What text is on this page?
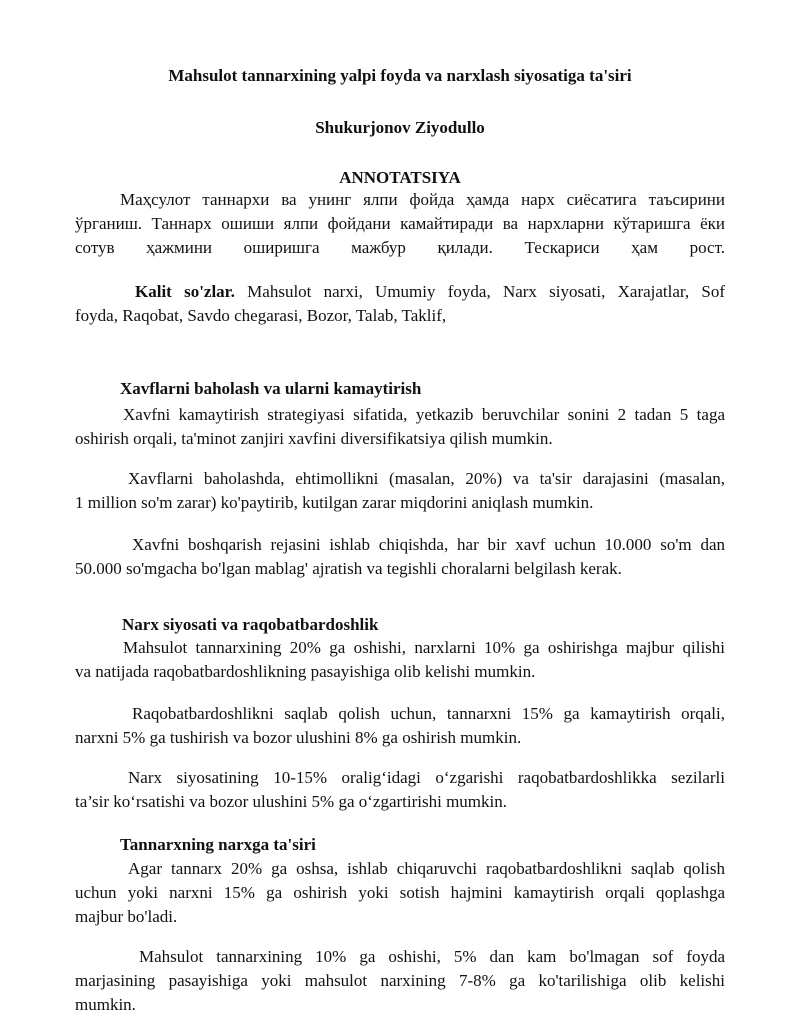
Mahsulot tannarxining yalpi foyda va narxlash siyosatiga ta'siri
Shukurjonov Ziyodullo
ANNOTATSIYA
Маҳсулот таннархи ва унинг ялпи фойда ҳамда нарх сиёсатига таъсирини
ўрганиш. Таннарх ошиши ялпи фойдани камайтиради ва нархларни кўтаришга ёки
сотув ҳажмини оширишга мажбур қилади. Тескариси ҳам рост.
Kalit so'zlar. Mahsulot narxi, Umumiy foyda, Narx siyosati, Xarajatlar, Sof
foyda, Raqobat, Savdo chegarasi, Bozor, Talab, Taklif,
Xavflarni baholash va ularni kamaytirish
Xavfni kamaytirish strategiyasi sifatida, yetkazib beruvchilar sonini 2 tadan 5 taga
oshirish orqali, ta'minot zanjiri xavfini diversifikatsiya qilish mumkin.
Xavflarni baholashda, ehtimollikni (masalan, 20%) va ta'sir darajasini (masalan,
1 million so'm zarar) ko'paytirib, kutilgan zarar miqdorini aniqlash mumkin.
Xavfni boshqarish rejasini ishlab chiqishda, har bir xavf uchun 10.000 so'm dan
50.000 so'mgacha bo'lgan mablag' ajratish va tegishli choralarni belgilash kerak.
Narx siyosati va raqobatbardoshlik
Mahsulot tannarxining 20% ga oshishi, narxlarni 10% ga oshirishga majbur qilishi
va natijada raqobatbardoshlikning pasayishiga olib kelishi mumkin.
Raqobatbardoshlikni saqlab qolish uchun, tannarxni 15% ga kamaytirish orqali,
narxni 5% ga tushirish va bozor ulushini 8% ga oshirish mumkin.
Narx siyosatining 10-15% oralig‘idagi o‘zgarishi raqobatbardoshlikka sezilarli
ta’sir ko‘rsatishi va bozor ulushini 5% ga o‘zgartirishi mumkin.
Tannarxning narxga ta'siri
Agar tannarx 20% ga oshsa, ishlab chiqaruvchi raqobatbardoshlikni saqlab qolish
uchun yoki narxni 15% ga oshirish yoki sotish hajmini kamaytirish orqali qoplashga
majbur bo'ladi.
Mahsulot tannarxining 10% ga oshishi, 5% dan kam bo'lmagan sof foyda
marjasining pasayishiga yoki mahsulot narxining 7-8% ga ko'tarilishiga olib kelishi
mumkin.
